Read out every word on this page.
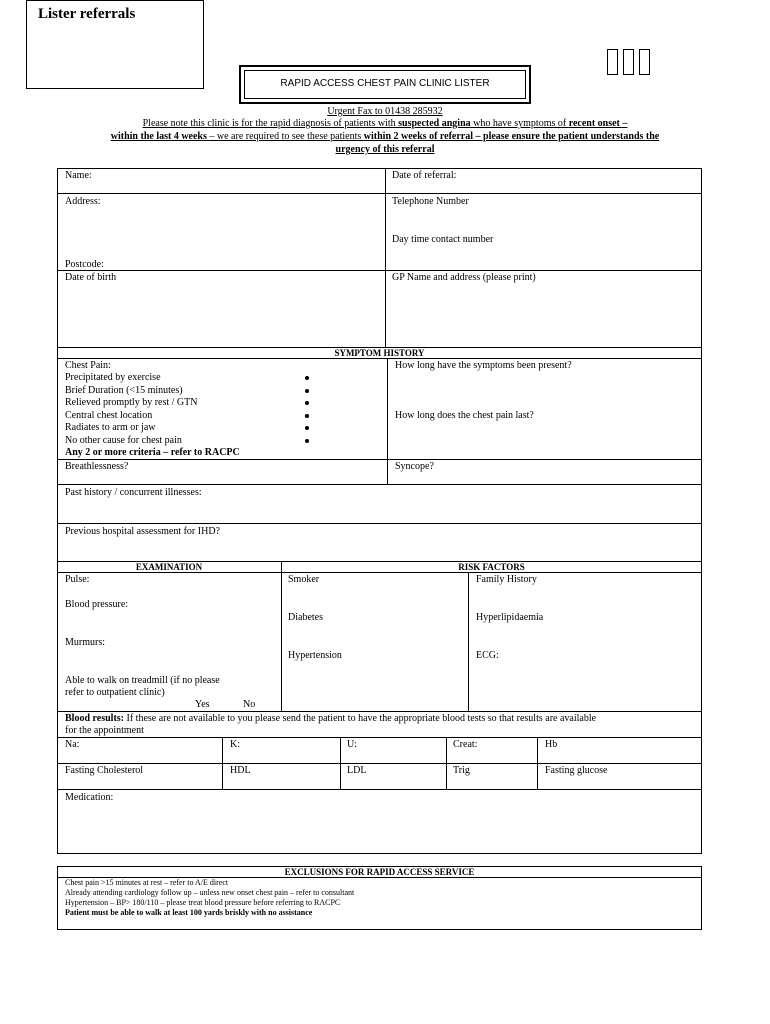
Lister referrals
RAPID ACCESS CHEST PAIN CLINIC LISTER
Urgent Fax to 01438 285932
Please note this clinic is for the rapid diagnosis of patients with suspected angina who have symptoms of recent onset –
within the last 4 weeks – we are required to see these patients within 2 weeks of referral – please ensure the patient understands the
urgency of this referral
Name:	Date of referral:
Address:	Telephone Number
Day time contact number
Postcode:
Date of birth	GP Name and address (please print)
SYMPTOM HISTORY
Chest Pain:
Precipitated by exercise
Brief Duration (<15 minutes)
Relieved promptly by rest / GTN
Central chest location
Radiates to arm or jaw
No other cause for chest pain
Any 2 or more criteria – refer to RACPC
How long have the symptoms been present?
How long does the chest pain last?
Breathlessness?	Syncope?
Past history / concurrent illnesses:
Previous hospital assessment for IHD?
EXAMINATION	RISK FACTORS
Pulse:
Blood pressure:
Murmurs:
Able to walk on treadmill (if no please
refer to outpatient clinic)
Yes	No
Smoker	Family History
Diabetes	Hyperlipidaemia
Hypertension	ECG:
Blood results: If these are not available to you please send the patient to have the appropriate blood tests so that results are available
for the appointment
Na:	K:	U:	Creat:	Hb
Fasting Cholesterol	HDL	LDL	Trig	Fasting glucose
Medication:
EXCLUSIONS FOR RAPID ACCESS SERVICE
Chest pain >15 minutes at rest – refer to A/E direct
Already attending cardiology follow up – unless new onset chest pain – refer to consultant
Hypertension – BP> 180/110 – please treat blood pressure before referring to RACPC
Patient must be able to walk at least 100 yards briskly with no assistance
